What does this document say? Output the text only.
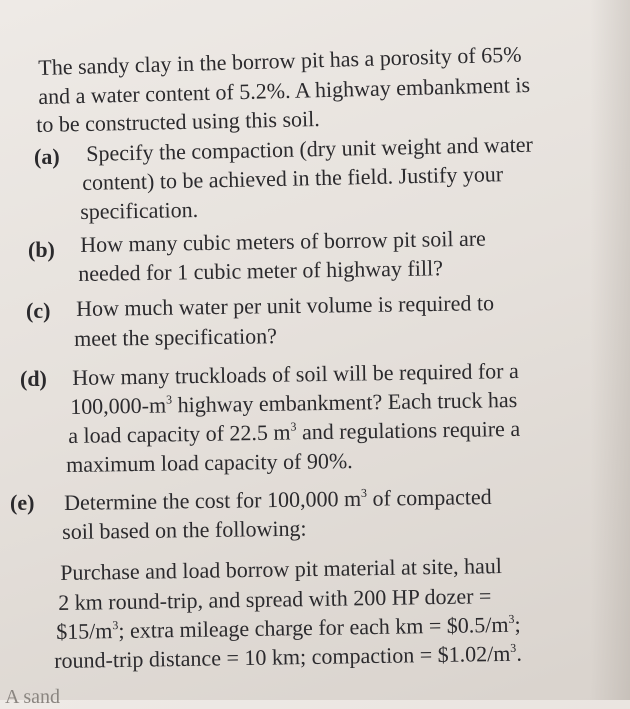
The sandy clay in the borrow pit has a porosity of 65%
and a water content of 5.2%. A highway embankment is
to be constructed using this soil.
(a) Specify the compaction (dry unit weight and water
content) to be achieved in the field. Justify your
specification.
(b) How many cubic meters of borrow pit soil are
needed for 1 cubic meter of highway fill?
(c) How much water per unit volume is required to
meet the specification?
(d) How many truckloads of soil will be required for a
$100,000-m^3$ highway embankment? Each truck has
a load capacity of 22.5 $m^3$ and regulations require a
maximum load capacity of 90%.
(e) Determine the cost for 100,000 $m^3$ of compacted
soil based on the following:
Purchase and load borrow pit material at site, haul
2 km round-trip, and spread with 200 HP dozer =
$\$15/m^3$; extra mileage charge for each km = $\$0.5/m^3$;
round-trip distance = 10 km; compaction = $\$1.02/m^3$.
A sand
